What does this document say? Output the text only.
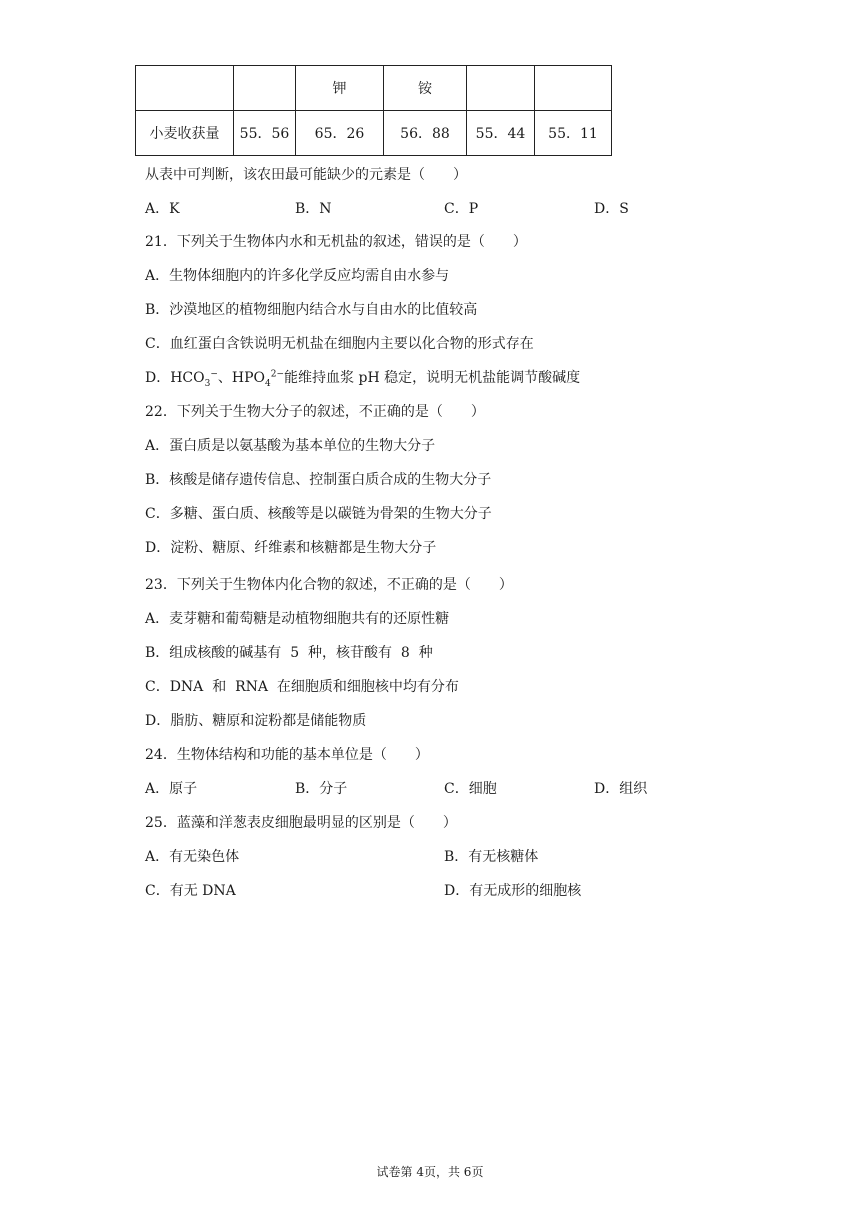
		钾	铵		
小麦收获量	55．56	65．26	56．88	55．44	55．11
从表中可判断，该农田最可能缺少的元素是（　　）
A．K	B．N	C．P	D．S
21．下列关于生物体内水和无机盐的叙述，错误的是（　　）
A．生物体细胞内的许多化学反应均需自由水参与
B．沙漠地区的植物细胞内结合水与自由水的比值较高
C．血红蛋白含铁说明无机盐在细胞内主要以化合物的形式存在
D．$HCO_3^-$、$HPO_4^{2-}$能维持血浆 pH 稳定，说明无机盐能调节酸碱度
22．下列关于生物大分子的叙述，不正确的是（　　）
A．蛋白质是以氨基酸为基本单位的生物大分子
B．核酸是储存遗传信息、控制蛋白质合成的生物大分子
C．多糖、蛋白质、核酸等是以碳链为骨架的生物大分子
D．淀粉、糖原、纤维素和核糖都是生物大分子
23．下列关于生物体内化合物的叙述，不正确的是（　　）
A．麦芽糖和葡萄糖是动植物细胞共有的还原性糖
B．组成核酸的碱基有  5  种，核苷酸有  8  种
C．DNA  和  RNA  在细胞质和细胞核中均有分布
D．脂肪、糖原和淀粉都是储能物质
24．生物体结构和功能的基本单位是（　　）
A．原子	B．分子	C．细胞	D．组织
25．蓝藻和洋葱表皮细胞最明显的区别是（　　）
A．有无染色体	B．有无核糖体
C．有无 DNA	D．有无成形的细胞核
试卷第 4页，共 6页
